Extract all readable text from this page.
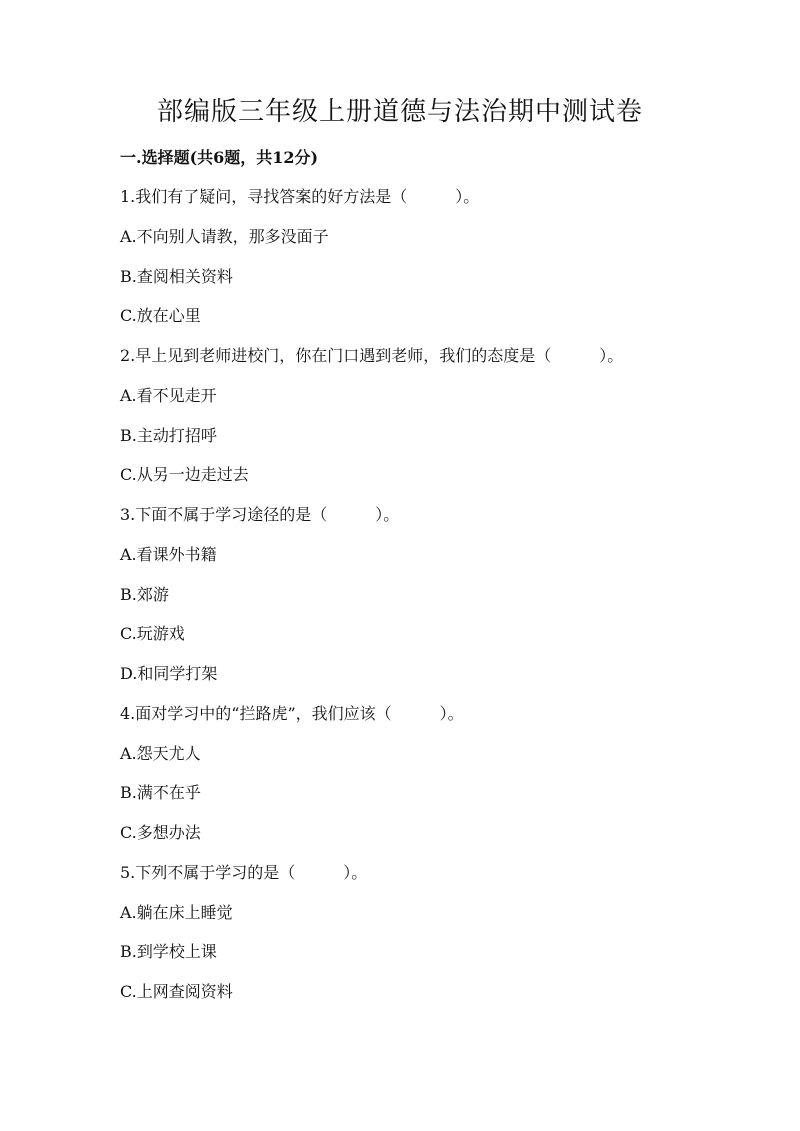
部编版三年级上册道德与法治期中测试卷
一.选择题(共6题，共12分)
1.我们有了疑问，寻找答案的好方法是（　　　）。
A.不向别人请教，那多没面子
B.查阅相关资料
C.放在心里
2.早上见到老师进校门，你在门口遇到老师，我们的态度是（　　　）。
A.看不见走开
B.主动打招呼
C.从另一边走过去
3.下面不属于学习途径的是（　　　）。
A.看课外书籍
B.郊游
C.玩游戏
D.和同学打架
4.面对学习中的“拦路虎”，我们应该（　　　）。
A.怨天尤人
B.满不在乎
C.多想办法
5.下列不属于学习的是（　　　）。
A.躺在床上睡觉
B.到学校上课
C.上网查阅资料
